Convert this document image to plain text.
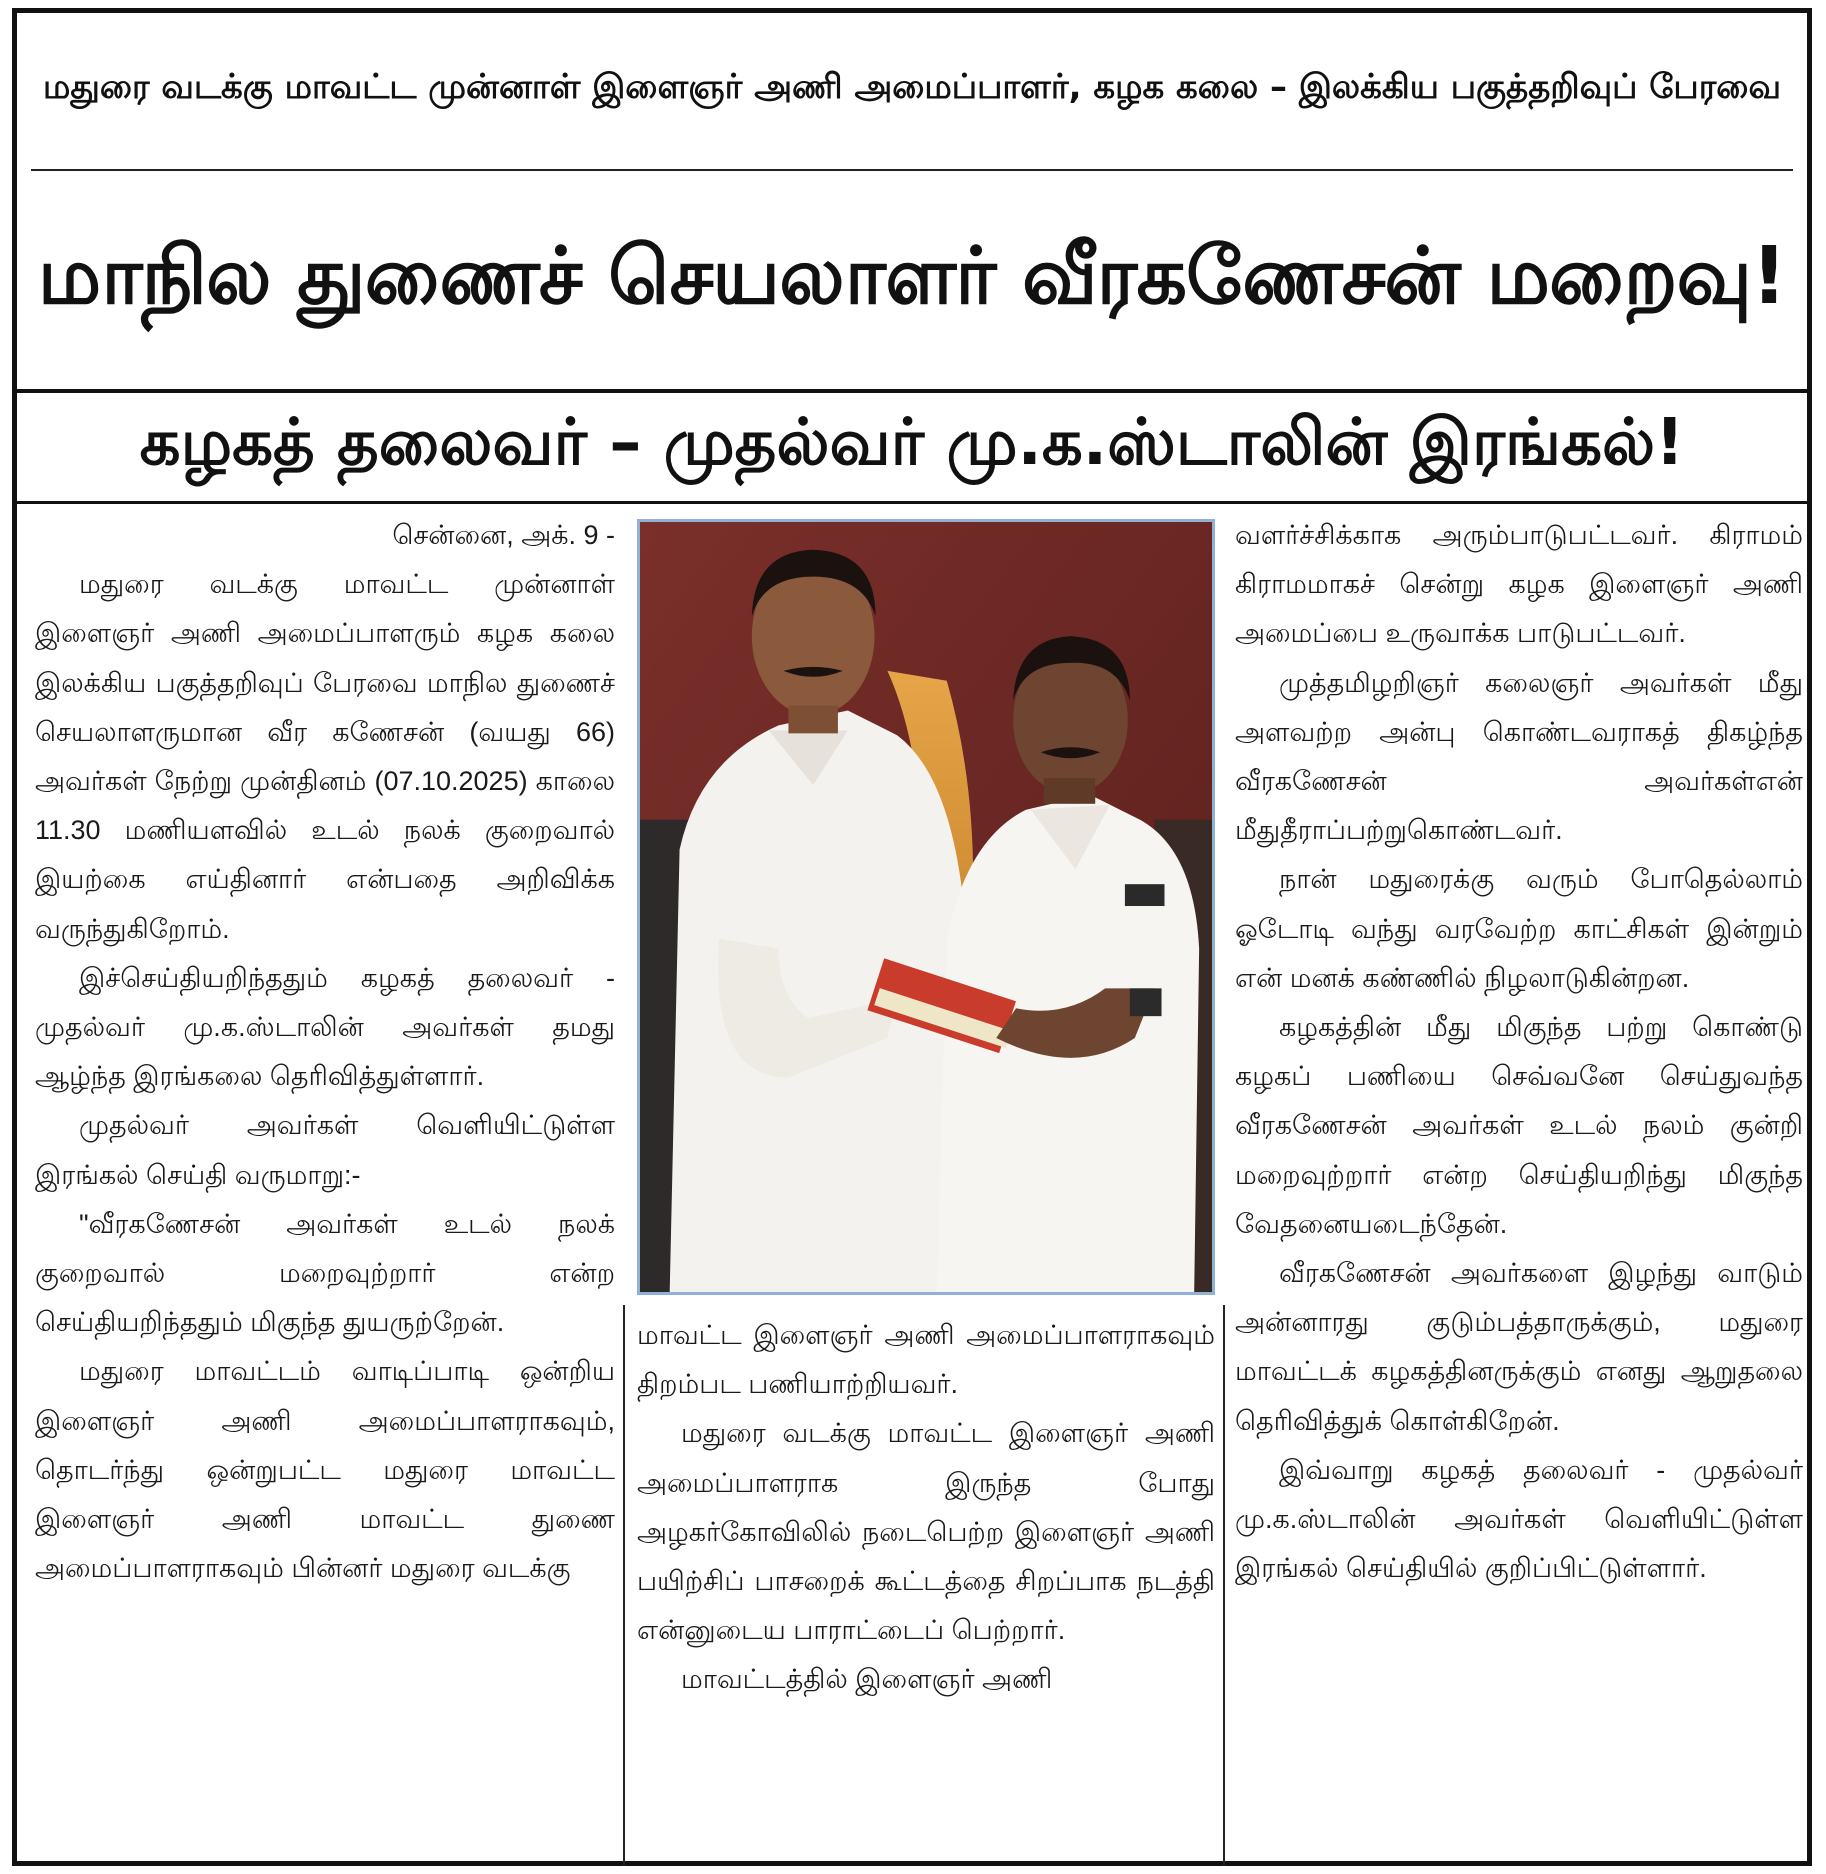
மதுரை வடக்கு மாவட்ட முன்னாள் இளைஞர் அணி அமைப்பாளர், கழக கலை – இலக்கிய பகுத்தறிவுப் பேரவை
மாநில துணைச் செயலாளர் வீரகணேசன் மறைவு!
கழகத் தலைவர் – முதல்வர் மு.க.ஸ்டாலின் இரங்கல்!

சென்னை, அக். 9 -

மதுரை வடக்கு மாவட்ட முன்னாள் இளைஞர் அணி அமைப்பாளரும் கழக கலை இலக்கிய பகுத்தறிவுப் பேரவை மாநில துணைச் செயலாளருமான வீர கணேசன் (வயது 66) அவர்கள் நேற்று முன்தினம் (07.10.2025) காலை 11.30 மணியளவில் உடல் நலக் குறைவால் இயற்கை எய்தினார் என்பதை அறிவிக்க வருந்துகிறோம்.

இச்செய்தியறிந்ததும் கழகத் தலைவர் - முதல்வர் மு.க.ஸ்டாலின் அவர்கள் தமது ஆழ்ந்த இரங்கலை தெரிவித்துள்ளார்.

முதல்வர் அவர்கள் வெளியிட்டுள்ள இரங்கல் செய்தி வருமாறு:-

"வீரகணேசன் அவர்கள் உடல் நலக் குறைவால் மறைவுற்றார் என்ற செய்தியறிந்ததும் மிகுந்த துயருற்றேன்.

மதுரை மாவட்டம் வாடிப்பாடி ஒன்றிய இளைஞர் அணி அமைப்பாளராகவும், தொடர்ந்து ஒன்றுபட்ட மதுரை மாவட்ட இளைஞர் அணி மாவட்ட துணை அமைப்பாளராகவும் பின்னர் மதுரை வடக்கு

மாவட்ட இளைஞர் அணி அமைப்பாளராகவும் திறம்பட பணியாற்றியவர்.

மதுரை வடக்கு மாவட்ட இளைஞர் அணி அமைப்பாளராக இருந்த போது அழகர்கோவிலில் நடைபெற்ற இளைஞர் அணி பயிற்சிப் பாசறைக் கூட்டத்தை சிறப்பாக நடத்தி என்னுடைய பாராட்டைப் பெற்றார்.

மாவட்டத்தில் இளைஞர் அணி

வளர்ச்சிக்காக அரும்பாடுபட்டவர். கிராமம் கிராமமாகச் சென்று கழக இளைஞர் அணி அமைப்பை உருவாக்க பாடுபட்டவர்.

முத்தமிழறிஞர் கலைஞர் அவர்கள் மீது அளவற்ற அன்பு கொண்டவராகத் திகழ்ந்த வீரகணேசன் அவர்கள்என் மீதுதீராப்பற்றுகொண்டவர்.

நான் மதுரைக்கு வரும் போதெல்லாம் ஓடோடி வந்து வரவேற்ற காட்சிகள் இன்றும் என் மனக் கண்ணில் நிழலாடுகின்றன.

கழகத்தின் மீது மிகுந்த பற்று கொண்டு கழகப் பணியை செவ்வனே செய்துவந்த வீரகணேசன் அவர்கள் உடல் நலம் குன்றி மறைவுற்றார் என்ற செய்தியறிந்து மிகுந்த வேதனையடைந்தேன்.

வீரகணேசன் அவர்களை இழந்து வாடும் அன்னாரது குடும்பத்தாருக்கும், மதுரை மாவட்டக் கழகத்தினருக்கும் எனது ஆறுதலை தெரிவித்துக் கொள்கிறேன்.

இவ்வாறு கழகத் தலைவர் - முதல்வர் மு.க.ஸ்டாலின் அவர்கள் வெளியிட்டுள்ள இரங்கல் செய்தியில் குறிப்பிட்டுள்ளார்.
